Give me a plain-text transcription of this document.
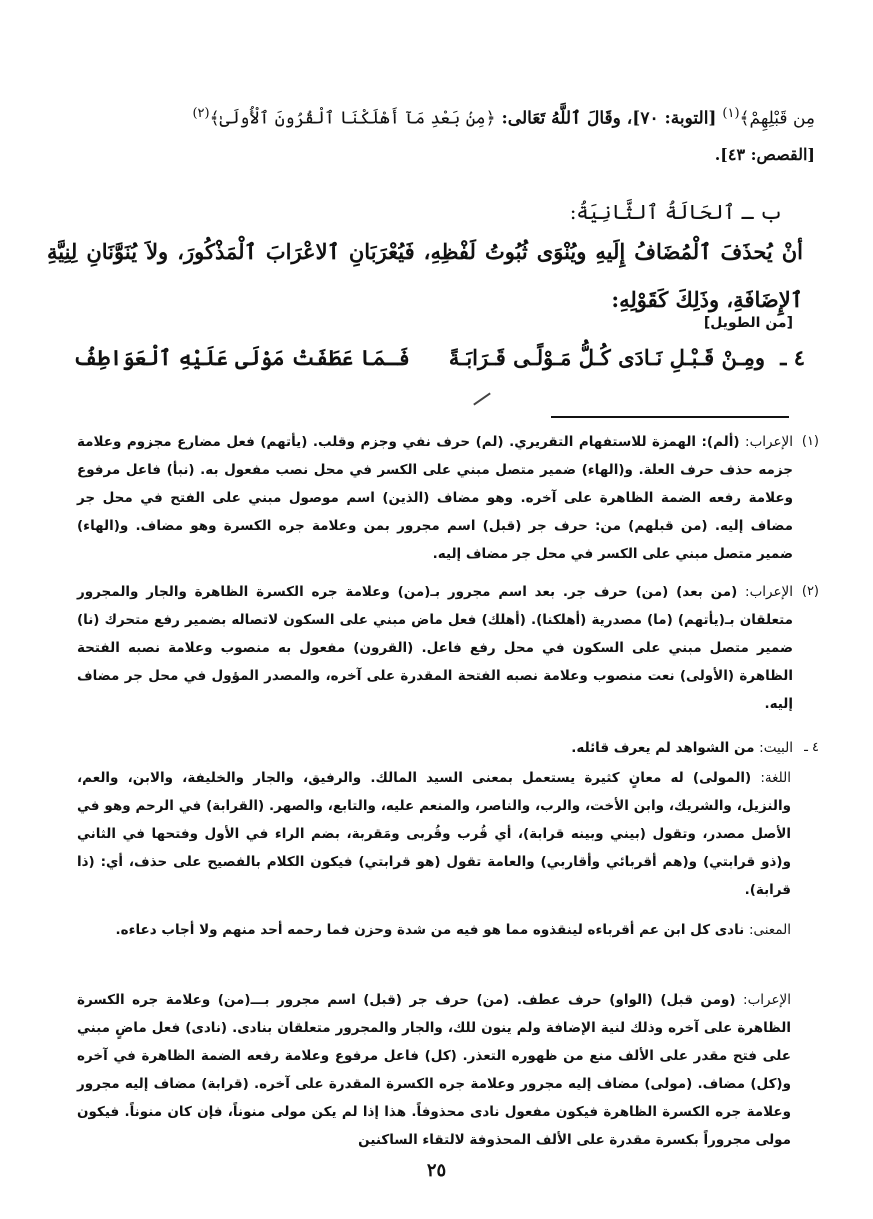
مِن قَبْلِهِمْ﴾$^{(١)}$ [التوبة: ٧٠]، وقَالَ ٱللَّهُ تَعَالى: ﴿مِنۢ بَعْدِ مَآ أَهْلَكْنَا ٱلْقُرُونَ ٱلْأُولَىٰ﴾$^{(٢)}$
[القصص: ٤٣].
ب ـ ٱلحَالَةُ ٱلثَّانِيَةُ:
أنْ يُحذَفَ ٱلْمُضَافُ إِلَيهِ ويُنْوَى ثُبُوتُ لَفْظِهِ، فَيُعْرَبَانِ ٱلاعْرَابَ ٱلْمَذْكُورَ، ولاَ يُنَوَّنَانِ لِنِيَّةِ ٱلإِضَافَةِ، وذَلِكَ كَقَوْلِهِ:
[من الطويل]
٤ ـ
ومِـنْ قَـبْـلِ نَـادَى كُـلُّ مَـوْلًـى قَـرَابَـةً
فَـمَا عَطَفَتْ مَوْلَى عَلَيْهِ ٱلْعَوَاطِفُ
(١)
الإعراب: (ألم): الهمزة للاستفهام التقريري. (لم) حرف نفي وجزم وقلب. (يأتهم) فعل مضارع مجزوم وعلامة جزمه حذف حرف العلة. و(الهاء) ضمير متصل مبني على الكسر في محل نصب مفعول به. (نبأ) فاعل مرفوع وعلامة رفعه الضمة الظاهرة على آخره. وهو مضاف (الذين) اسم موصول مبني على الفتح في محل جر مضاف إليه. (من قبلهم) من: حرف جر (قبل) اسم مجرور بمن وعلامة جره الكسرة وهو مضاف. و(الهاء) ضمير متصل مبني على الكسر في محل جر مضاف إليه.
(٢)
الإعراب: (من بعد) (من) حرف جر. بعد اسم مجرور بـ(من) وعلامة جره الكسرة الظاهرة والجار والمجرور متعلقان بـ(يأتهم) (ما) مصدرية (أهلكنا). (أهلك) فعل ماض مبني على السكون لاتصاله بضمير رفع متحرك (نا) ضمير متصل مبني على السكون في محل رفع فاعل. (القرون) مفعول به منصوب وعلامة نصبه الفتحة الظاهرة (الأولى) نعت منصوب وعلامة نصبه الفتحة المقدرة على آخره، والمصدر المؤول في محل جر مضاف إليه.
٤ ـ
البيت: من الشواهد لم يعرف قائله.
اللغة: (المولى) له معانٍ كثيرة يستعمل بمعنى السيد المالك. والرفيق، والجار والخليفة، والابن، والعم، والنزيل، والشريك، وابن الأخت، والرب، والناصر، والمنعم عليه، والتابع، والصهر. (القرابة) في الرحم وهو في الأصل مصدر، وتقول (بيني وبينه قرابة)، أي قُرب وقُربى ومَقربة، بضم الراء في الأول وفتحها في الثاني و(ذو قرابتي) و(هم أقربائي وأقاربي) والعامة تقول (هو قرابتي) فيكون الكلام بالفصيح على حذف، أي: (ذا قرابة).
المعنى: نادى كل ابن عم أقرباءه لينقذوه مما هو فيه من شدة وحزن فما رحمه أحد منهم ولا أجاب دعاءه.
الإعراب: (ومن قبل) (الواو) حرف عطف. (من) حرف جر (قبل) اسم مجرور بـــ(من) وعلامة جره الكسرة الظاهرة على آخره وذلك لنية الإضافة ولم ينون للك، والجار والمجرور متعلقان بنادى. (نادى) فعل ماضٍ مبني على فتح مقدر على الألف منع من ظهوره التعذر. (كل) فاعل مرفوع وعلامة رفعه الضمة الظاهرة في آخره و(كل) مضاف. (مولى) مضاف إليه مجرور وعلامة جره الكسرة المقدرة على آخره. (قرابة) مضاف إليه مجرور وعلامة جره الكسرة الظاهرة فيكون مفعول نادى محذوفاً. هذا إذا لم يكن مولى منوناً، فإن كان منوناً. فيكون مولى مجروراً بكسرة مقدرة على الألف المحذوفة لالتقاء الساكنين
٢٥
